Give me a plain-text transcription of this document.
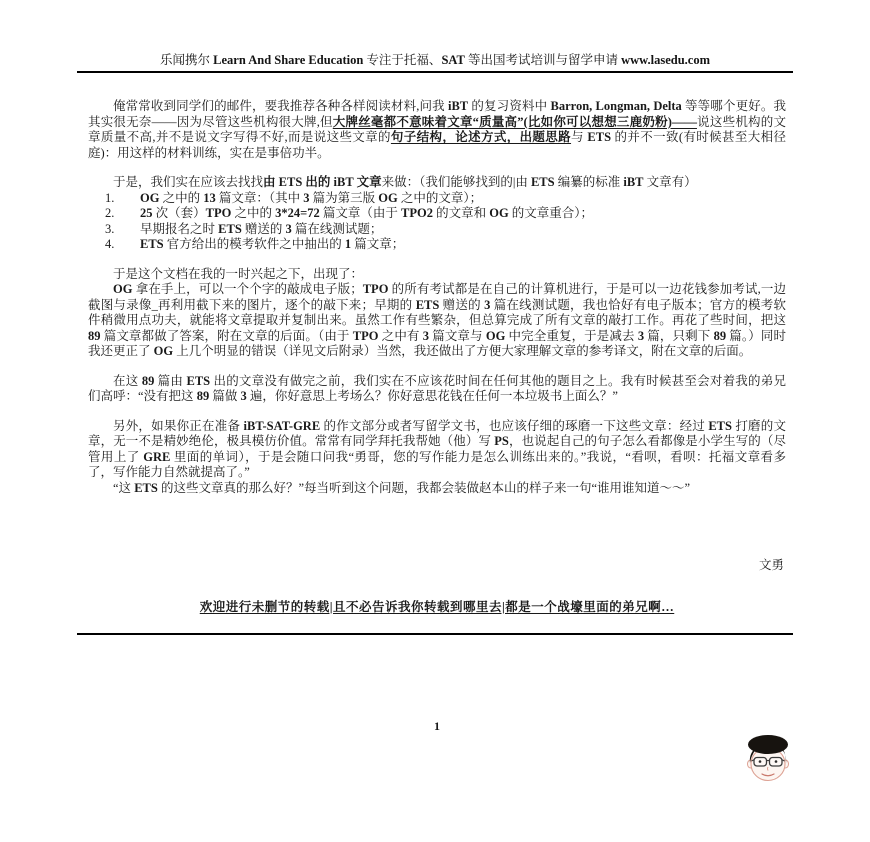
乐闻携尔 Learn And Share Education 专注于托福、SAT 等出国考试培训与留学申请 www.lasedu.com

俺常常收到同学们的邮件，要我推荐各种各样阅读材料,问我 iBT 的复习资料中 Barron, Longman, Delta 等等哪个更好。我其实很无奈——因为尽管这些机构很大牌,但大牌丝毫都不意味着文章“质量高”(比如你可以想想三鹿奶粉)——说这些机构的文章质量不高,并不是说文字写得不好,而是说这些文章的句子结构，论述方式，出题思路与 ETS 的并不一致(有时候甚至大相径庭)：用这样的材料训练，实在是事倍功半。

于是，我们实在应该去找找由 ETS 出的 iBT 文章来做：（我们能够找到的|由 ETS 编纂的标准 iBT 文章有）

1.	OG 之中的 13 篇文章：（其中 3 篇为第三版 OG 之中的文章）；
2.	25 次（套）TPO 之中的 3*24=72 篇文章（由于 TPO2 的文章和 OG 的文章重合）；
3.	早期报名之时 ETS 赠送的 3 篇在线测试题；
4.	ETS 官方给出的模考软件之中抽出的 1 篇文章；

于是这个文档在我的一时兴起之下，出现了：

OG 拿在手上，可以一个个字的敲成电子版；TPO 的所有考试都是在自己的计算机进行，于是可以一边花钱参加考试,一边截图与录像_再利用截下来的图片，逐个的敲下来；早期的 ETS 赠送的 3 篇在线测试题，我也恰好有电子版本；官方的模考软件稍微用点功夫，就能将文章提取并复制出来。虽然工作有些繁杂，但总算完成了所有文章的敲打工作。再花了些时间，把这 89 篇文章都做了答案，附在文章的后面。（由于 TPO 之中有 3 篇文章与 OG 中完全重复，于是减去 3 篇，只剩下 89 篇。）同时我还更正了 OG 上几个明显的错误（详见文后附录）当然，我还做出了方便大家理解文章的参考译文，附在文章的后面。

在这 89 篇由 ETS 出的文章没有做完之前，我们实在不应该花时间在任何其他的题目之上。我有时候甚至会对着我的弟兄们高呼：“没有把这 89 篇做 3 遍，你好意思上考场么？你好意思花钱在任何一本垃圾书上面么？”

另外，如果你正在准备 iBT-SAT-GRE 的作文部分或者写留学文书，也应该仔细的琢磨一下这些文章：经过 ETS 打磨的文章，无一不是精妙绝伦，极具模仿价值。常常有同学拜托我帮她（他）写 PS，也说起自己的句子怎么看都像是小学生写的（尽管用上了 GRE 里面的单词），于是会随口问我“勇哥，您的写作能力是怎么训练出来的。”我说，“看呗，看呗：托福文章看多了，写作能力自然就提高了。”

“这 ETS 的这些文章真的那么好？”每当听到这个问题，我都会装做赵本山的样子来一句“谁用谁知道～～”

文勇
欢迎进行未删节的转载|且不必告诉我你转载到哪里去|都是一个战壕里面的弟兄啊…
1
